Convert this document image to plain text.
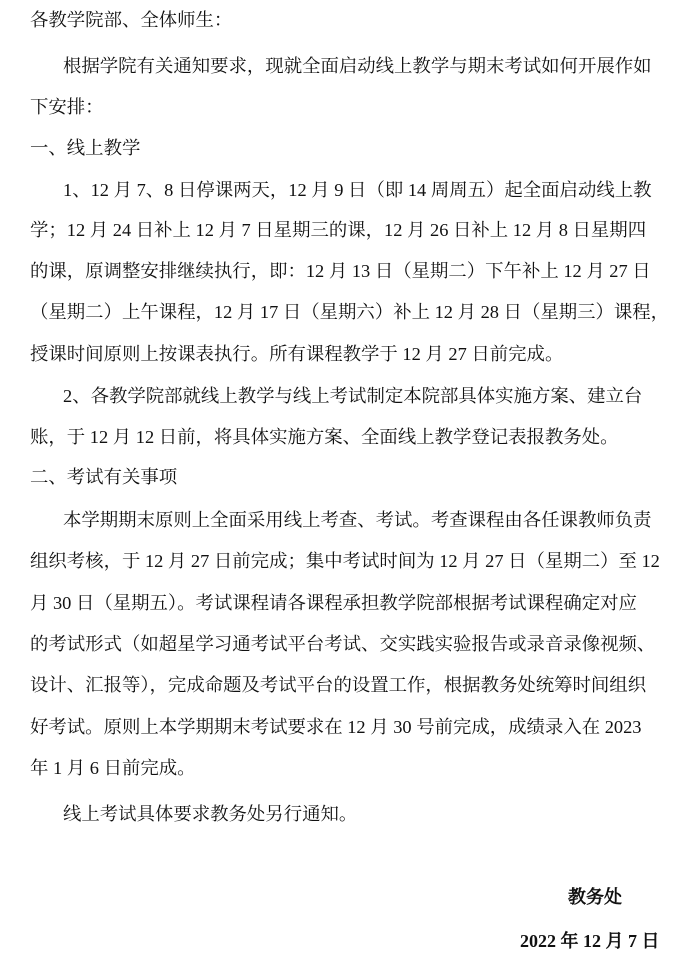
各教学院部、全体师生：
根据学院有关通知要求，现就全面启动线上教学与期末考试如何开展作如
下安排：
一、线上教学
1、12 月 7、8 日停课两天，12 月 9 日（即 14 周周五）起全面启动线上教
学；12 月 24 日补上 12 月 7 日星期三的课，12 月 26 日补上 12 月 8 日星期四
的课，原调整安排继续执行，即：12 月 13 日（星期二）下午补上 12 月 27 日
（星期二）上午课程，12 月 17 日（星期六）补上 12 月 28 日（星期三）课程，
授课时间原则上按课表执行。所有课程教学于 12 月 27 日前完成。
2、各教学院部就线上教学与线上考试制定本院部具体实施方案、建立台
账，于 12 月 12 日前，将具体实施方案、全面线上教学登记表报教务处。
二、考试有关事项
本学期期末原则上全面采用线上考查、考试。考查课程由各任课教师负责
组织考核，于 12 月 27 日前完成；集中考试时间为 12 月 27 日（星期二）至 12
月 30 日（星期五）。考试课程请各课程承担教学院部根据考试课程确定对应
的考试形式（如超星学习通考试平台考试、交实践实验报告或录音录像视频、
设计、汇报等），完成命题及考试平台的设置工作，根据教务处统筹时间组织
好考试。原则上本学期期末考试要求在 12 月 30 号前完成，成绩录入在 2023
年 1 月 6 日前完成。
线上考试具体要求教务处另行通知。
教务处
2022 年 12 月 7 日
